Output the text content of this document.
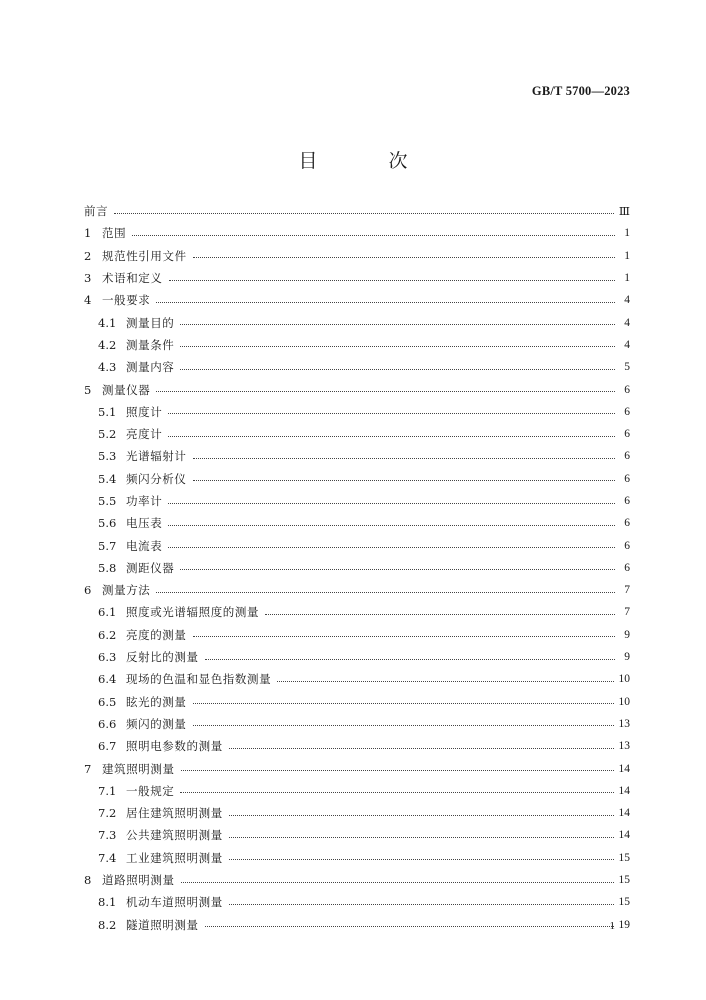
GB/T 5700—2023
目　次
前言	Ⅲ
1 范围	1
2 规范性引用文件	1
3 术语和定义	1
4 一般要求	4
4.1 测量目的	4
4.2 测量条件	4
4.3 测量内容	5
5 测量仪器	6
5.1 照度计	6
5.2 亮度计	6
5.3 光谱辐射计	6
5.4 频闪分析仪	6
5.5 功率计	6
5.6 电压表	6
5.7 电流表	6
5.8 测距仪器	6
6 测量方法	7
6.1 照度或光谱辐照度的测量	7
6.2 亮度的测量	9
6.3 反射比的测量	9
6.4 现场的色温和显色指数测量	10
6.5 眩光的测量	10
6.6 频闪的测量	13
6.7 照明电参数的测量	13
7 建筑照明测量	14
7.1 一般规定	14
7.2 居住建筑照明测量	14
7.3 公共建筑照明测量	14
7.4 工业建筑照明测量	15
8 道路照明测量	15
8.1 机动车道照明测量	15
8.2 隧道照明测量	19
1
